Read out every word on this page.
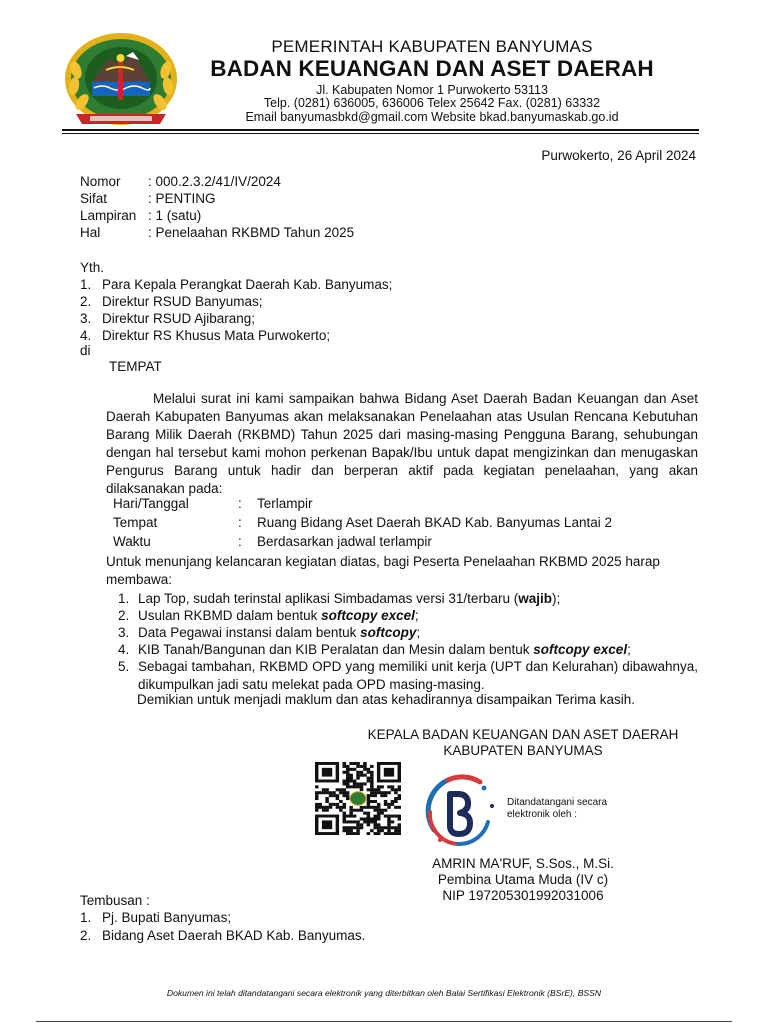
PEMERINTAH KABUPATEN BANYUMAS
BADAN KEUANGAN DAN ASET DAERAH
Jl. Kabupaten Nomor 1 Purwokerto 53113
Telp. (0281) 636005, 636006 Telex 25642 Fax. (0281) 63332
Email banyumasbkd@gmail.com Website bkad.banyumaskab.go.id
Purwokerto, 26 April 2024
Nomor : 000.2.3.2/41/IV/2024
Sifat	: PENTING
Lampiran : 1 (satu)
Hal	: Penelaahan RKBMD Tahun 2025
Yth.
1. Para Kepala Perangkat Daerah Kab. Banyumas;
2. Direktur RSUD Banyumas;
3. Direktur RSUD Ajibarang;
4. Direktur RS Khusus Mata Purwokerto;
di
TEMPAT
Melalui surat ini kami sampaikan bahwa Bidang Aset Daerah Badan Keuangan dan Aset Daerah Kabupaten Banyumas akan melaksanakan Penelaahan atas Usulan Rencana Kebutuhan Barang Milik Daerah (RKBMD) Tahun 2025 dari masing-masing Pengguna Barang, sehubungan dengan hal tersebut kami mohon perkenan Bapak/Ibu untuk dapat mengizinkan dan menugaskan Pengurus Barang untuk hadir dan berperan aktif pada kegiatan penelaahan, yang akan dilaksanakan pada:
Hari/Tanggal	: Terlampir
Tempat	: Ruang Bidang Aset Daerah BKAD Kab. Banyumas Lantai 2
Waktu	: Berdasarkan jadwal terlampir
Untuk menunjang kelancaran kegiatan diatas, bagi Peserta Penelaahan RKBMD 2025 harap membawa:
1. Lap Top, sudah terinstal aplikasi Simbadamas versi 31/terbaru (wajib);
2. Usulan RKBMD dalam bentuk softcopy excel;
3. Data Pegawai instansi dalam bentuk softcopy;
4. KIB Tanah/Bangunan dan KIB Peralatan dan Mesin dalam bentuk softcopy excel;
5. Sebagai tambahan, RKBMD OPD yang memiliki unit kerja (UPT dan Kelurahan) dibawahnya, dikumpulkan jadi satu melekat pada OPD masing-masing.
Demikian untuk menjadi maklum dan atas kehadirannya disampaikan Terima kasih.
KEPALA BADAN KEUANGAN DAN ASET DAERAH
KABUPATEN BANYUMAS
Ditandatangani secara
elektronik oleh :
AMRIN MA'RUF, S.Sos., M.Si.
Pembina Utama Muda (IV c)
NIP 197205301992031006
Tembusan :
1. Pj. Bupati Banyumas;
2. Bidang Aset Daerah BKAD Kab. Banyumas.
Dokumen ini telah ditandatangani secara elektronik yang diterbitkan oleh Balai Sertifikasi Elektronik (BSrE), BSSN
